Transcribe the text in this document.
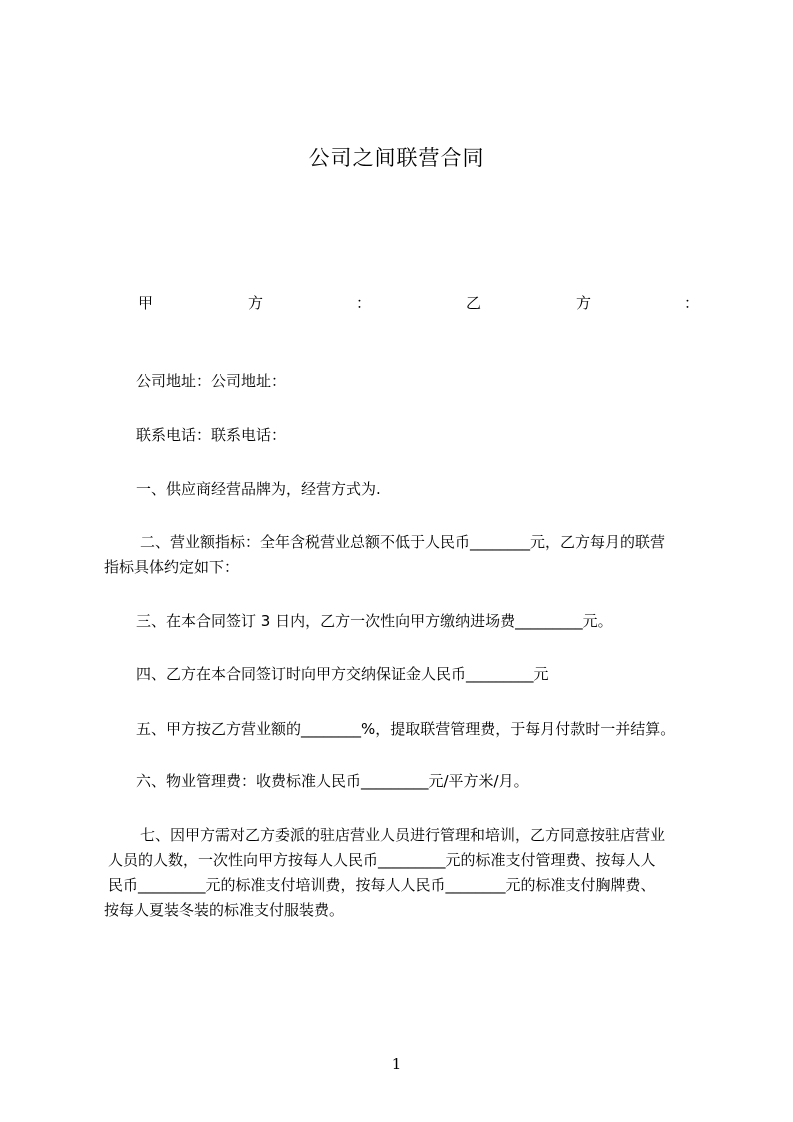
公司之间联营合同
甲	方	：	乙	方	：
公司地址：公司地址：
联系电话：联系电话：
一、供应商经营品牌为，经营方式为.
二、营业额指标：全年含税营业总额不低于人民币________元，乙方每月的联营
指标具体约定如下：
三、在本合同签订 3 日内，乙方一次性向甲方缴纳进场费_________元。
四、乙方在本合同签订时向甲方交纳保证金人民币_________元
五、甲方按乙方营业额的________%，提取联营管理费，于每月付款时一并结算。
六、物业管理费：收费标准人民币_________元/平方米/月。
七、因甲方需对乙方委派的驻店营业人员进行管理和培训，乙方同意按驻店营业
人员的人数，一次性向甲方按每人人民币_________元的标准支付管理费、按每人人
民币_________元的标准支付培训费，按每人人民币________元的标准支付胸牌费、
按每人夏装冬装的标准支付服装费。
1
